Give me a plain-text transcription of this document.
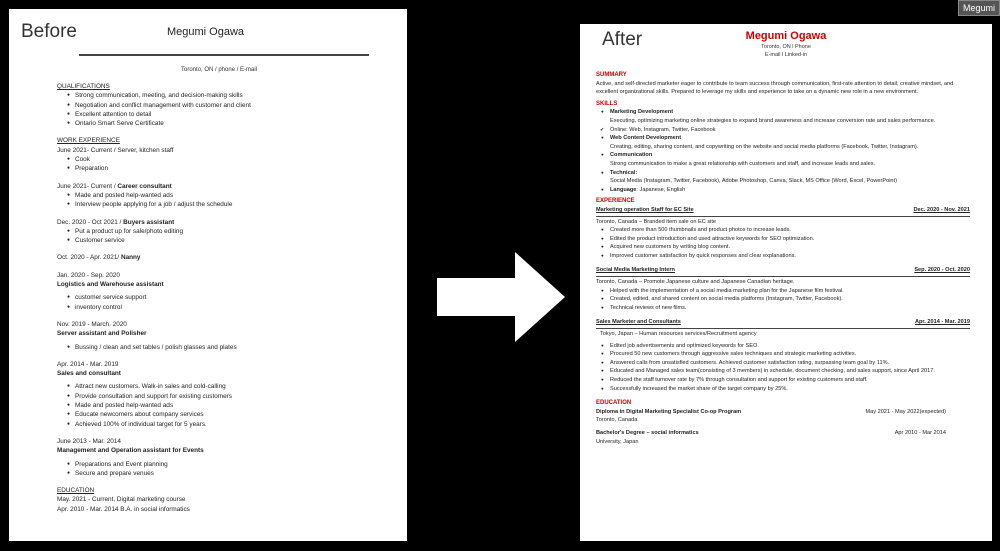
Megumi
Before	Megumi Ogawa
Toronto, ON / phone / E-mail
QUALIFICATIONS
● Strong communication, meeting, and decision-making skills
● Negotiation and conflict management with customer and client
● Excellent attention to detail
● Ontario Smart Serve Certificate
WORK EXPERIENCE
June 2021- Current / Server, kitchen staff
● Cook
● Preparation
June 2021- Current / Career consultant
● Made and posted help-wanted ads
● Interview people applying for a job / adjust the schedule
Dec. 2020 - Oct 2021 / Buyers assistant
● Put a product up for sale/photo editing
● Customer service
Oct. 2020 - Apr. 2021/ Nanny
Jan. 2020 - Sep. 2020
Logistics and Warehouse assistant
● customer service support
● inventory control
Nov. 2019 - March. 2020
Server assistant and Polisher
● Bussing / clean and set tables / polish glasses and plates
Apr. 2014 - Mar. 2019
Sales and consultant
● Attract new customers. Walk-in sales and cold-calling
● Provide consultation and support for existing customers
● Made and posted help-wanted ads
● Educate newcomers about company services
● Achieved 100% of individual target for 5 years.
June 2013 - Mar. 2014
Management and Operation assistant for Events
● Preparations and Event planning
● Secure and prepare venues
EDUCATION
May. 2021 - Current, Digital marketing course
Apr. 2010 - Mar. 2014 B.A. in social informatics
After	Megumi Ogawa
Toronto, ON l Phone
E-mail l Linked-in
SUMMARY
Active, and self-directed marketer eager to contribute to team success through communication, first-rate attention to detail, creative mindset, and excellent organizational skills. Prepared to leverage my skills and experience to take on a dynamic new role in a new environment.
SKILLS
● Marketing Development
Executing, optimizing marketing online strategies to expand brand awareness and increase conversion rate and sales performance.
✔ Online: Web, Instagram, Twitter, Facebook
● Web Content Development
Creating, editing, sharing content, and copywriting on the website and social media platforms (Facebook, Twitter, Instagram).
● Communication
Strong communication to make a great relationship with customers and staff, and increase leads and sales.
● Technical:
Social Media (Instagram, Twitter, Facebook), Adobe Photoshop, Canva, Slack, MS Office (Word, Excel, PowerPoint)
● Language: Japanese, English
EXPERIENCE
Marketing operation Staff for EC Site	Dec. 2020 - Nov. 2021
Toronto, Canada – Branded item sale on EC site
● Created more than 500 thumbnails and product photos to increase leads.
● Edited the product introduction and used attractive keywords for SEO optimization.
● Acquired new customers by writing blog content.
● Improved customer satisfaction by quick responses and clear explanations.
Social Media Marketing Intern	Sep. 2020 - Oct. 2020
Toronto, Canada – Promote Japanese culture and Japanese Canadian heritage.
● Helped with the implementation of a social media marketing plan for the Japanese film festival.
● Created, edited, and shared content on social media platforms (Instagram, Twitter, Facebook).
● Technical reviews of new films.
Sales Marketer and Consultants	Apr. 2014 - Mar. 2019
Tokyo, Japan – Human resources services/Recruitment agency
● Edited job advertisements and optimized keywords for SEO.
● Procured 50 new customers through aggressive sales techniques and strategic marketing activities.
● Answered calls from unsatisfied customers. Achieved customer satisfaction rating, surpassing team goal by 11%.
● Educated and Managed sales team(consisting of 3 members) in schedule, document checking, and sales support, since April 2017.
● Reduced the staff turnover rate by 7% through consultation and support for existing customers and staff.
● Successfully increased the market share of the target company by 25%.
EDUCATION
Diploma in Digital Marketing Specialist Co-op Program	May 2021 - May 2022(expected)
Toronto, Canada
Bachelor's Degree – social informatics	Apr 2010 - Mar 2014
University, Japan
